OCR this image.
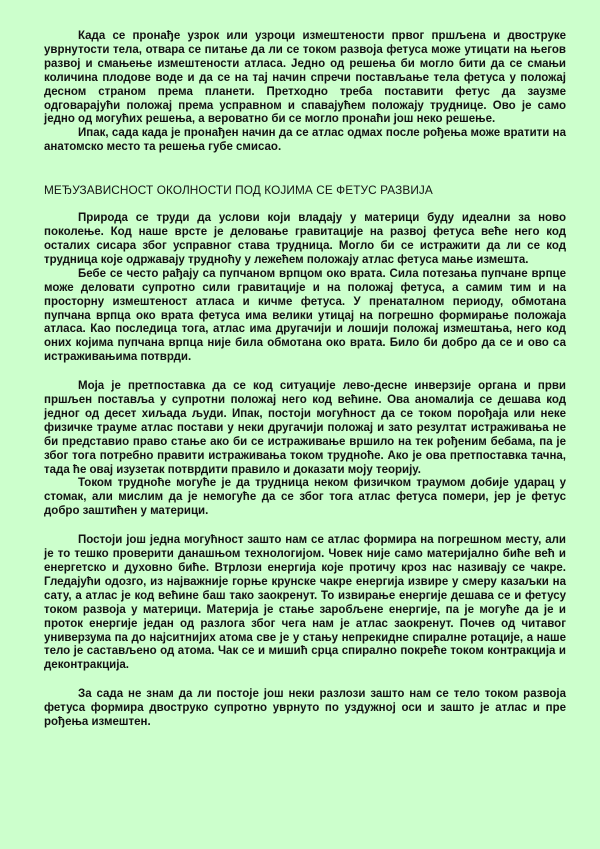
Када се пронађе узрок или узроци измештености првог пршљена и двоструке уврнутости тела, отвара се питање да ли се током развоја фетуса може утицати на његов развој и смањење измештености атласа. Једно од решења би могло бити да се смањи количина плодове воде и да се на тај начин спречи постављање тела фетуса у положај десном страном према планети. Претходно треба поставити фетус да заузме одговарајући положај према усправном и спавајућем положају труднице. Ово је само једно од могућих решења, а вероватно би се могло пронаћи још неко решење.

Ипак, сада када је пронађен начин да се атлас одмах после рођења може вратити на анатомско место та решења губе смисао.

МЕЂУЗАВИСНОСТ ОКОЛНОСТИ ПОД КОЈИМА СЕ ФЕТУС РАЗВИЈА

Природа се труди да услови који владају у материци буду идеални за ново поколење. Код наше врсте је деловање гравитације на развој фетуса веће него код осталих сисара због усправног става трудница. Могло би се истражити да ли се код трудница које одржавају трудноћу у лежећем положају атлас фетуса мање измешта.

Бебе се често рађају са пупчаном врпцом око врата. Сила потезања пупчане врпце може деловати супротно сили гравитације и на положај фетуса, а самим тим и на просторну измештеност атласа и кичме фетуса. У пренаталном периоду, обмотана пупчана врпца око врата фетуса има велики утицај на погрешно формирање положаја атласа. Као последица тога, атлас има другачији и лошији положај измештања, него код оних којима пупчана врпца није била обмотана око врата. Било би добро да се и ово са истраживањима потврди.

Моја је претпоставка да се код ситуације лево-десне инверзије органа и први пршљен поставља у супротни положај него код већине. Ова аномалија се дешава код једног од десет хиљада људи. Ипак, постоји могућност да се током порођаја или неке физичке трауме атлас постави у неки другачији положај и зато резултат истраживања не би представио право стање ако би се истраживање вршило на тек рођеним бебама, па је због тога потребно правити истраживања током трудноће. Ако је ова претпоставка тачна, тада ће овај изузетак потврдити правило и доказати моју теорију.

Током трудноће могуће је да трудница неком физичком траумом добије ударац у стомак, али мислим да је немогуће да се због тога атлас фетуса помери, јер је фетус добро заштићен у материци.

Постоји још једна могућност зашто нам се атлас формира на погрешном месту, али је то тешко проверити данашњом технологијом. Човек није само материјално биће већ и енергетско и духовно биће. Втрлози енергија које протичу кроз нас називају се чакре. Гледајући одозго, из најважније горње крунске чакре енергија извире у смеру казаљки на сату, а атлас је код већине баш тако заокренут. То извирање енергије дешава се и фетусу током развоја у материци. Материја је стање заробљене енергије, па је могуће да је и проток енергије један од разлога због чега нам је атлас заокренут. Почев од читавог универзума па до најситнијих атома све је у стању непрекидне спиралне ротације, а наше тело је састављено од атома. Чак се и мишић срца спирално покреће током контракција и деконтракција.

За сада не знам да ли постоје још неки разлози зашто нам се тело током развоја фетуса формира двоструко супротно уврнуто по уздужној оси и зашто је атлас и пре рођења измештен.
